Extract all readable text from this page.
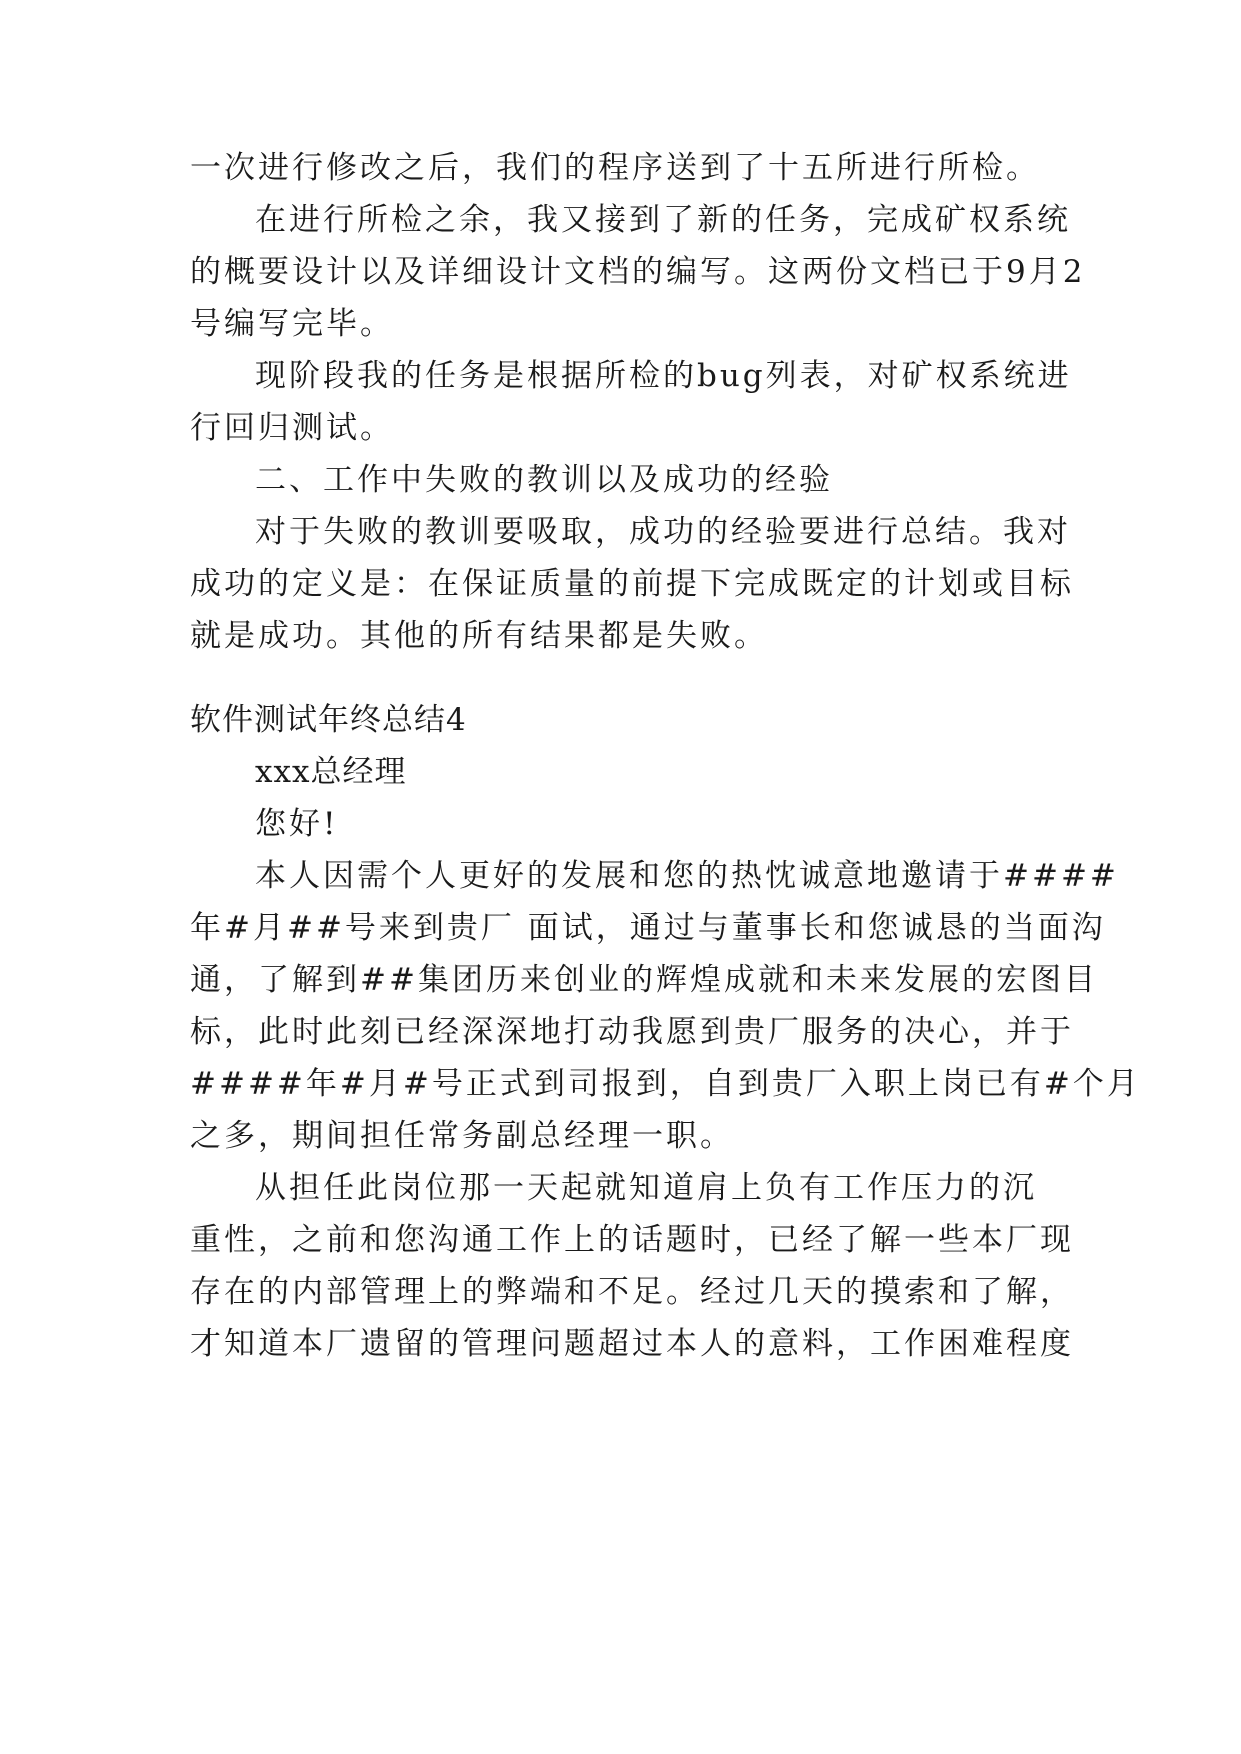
一次进行修改之后，我们的程序送到了十五所进行所检。
在进行所检之余，我又接到了新的任务，完成矿权系统
的概要设计以及详细设计文档的编写。这两份文档已于9月2
号编写完毕。
现阶段我的任务是根据所检的bug列表，对矿权系统进
行回归测试。
二、工作中失败的教训以及成功的经验
对于失败的教训要吸取，成功的经验要进行总结。我对
成功的定义是：在保证质量的前提下完成既定的计划或目标
就是成功。其他的所有结果都是失败。
软件测试年终总结4
xxx总经理
您好!
本人因需个人更好的发展和您的热忱诚意地邀请于####
年#月##号来到贵厂 面试，通过与董事长和您诚恳的当面沟
通，了解到##集团历来创业的辉煌成就和未来发展的宏图目
标，此时此刻已经深深地打动我愿到贵厂服务的决心，并于
####年#月#号正式到司报到，自到贵厂入职上岗已有#个月
之多，期间担任常务副总经理一职。
从担任此岗位那一天起就知道肩上负有工作压力的沉
重性，之前和您沟通工作上的话题时，已经了解一些本厂现
存在的内部管理上的弊端和不足。经过几天的摸索和了解，
才知道本厂遗留的管理问题超过本人的意料，工作困难程度
